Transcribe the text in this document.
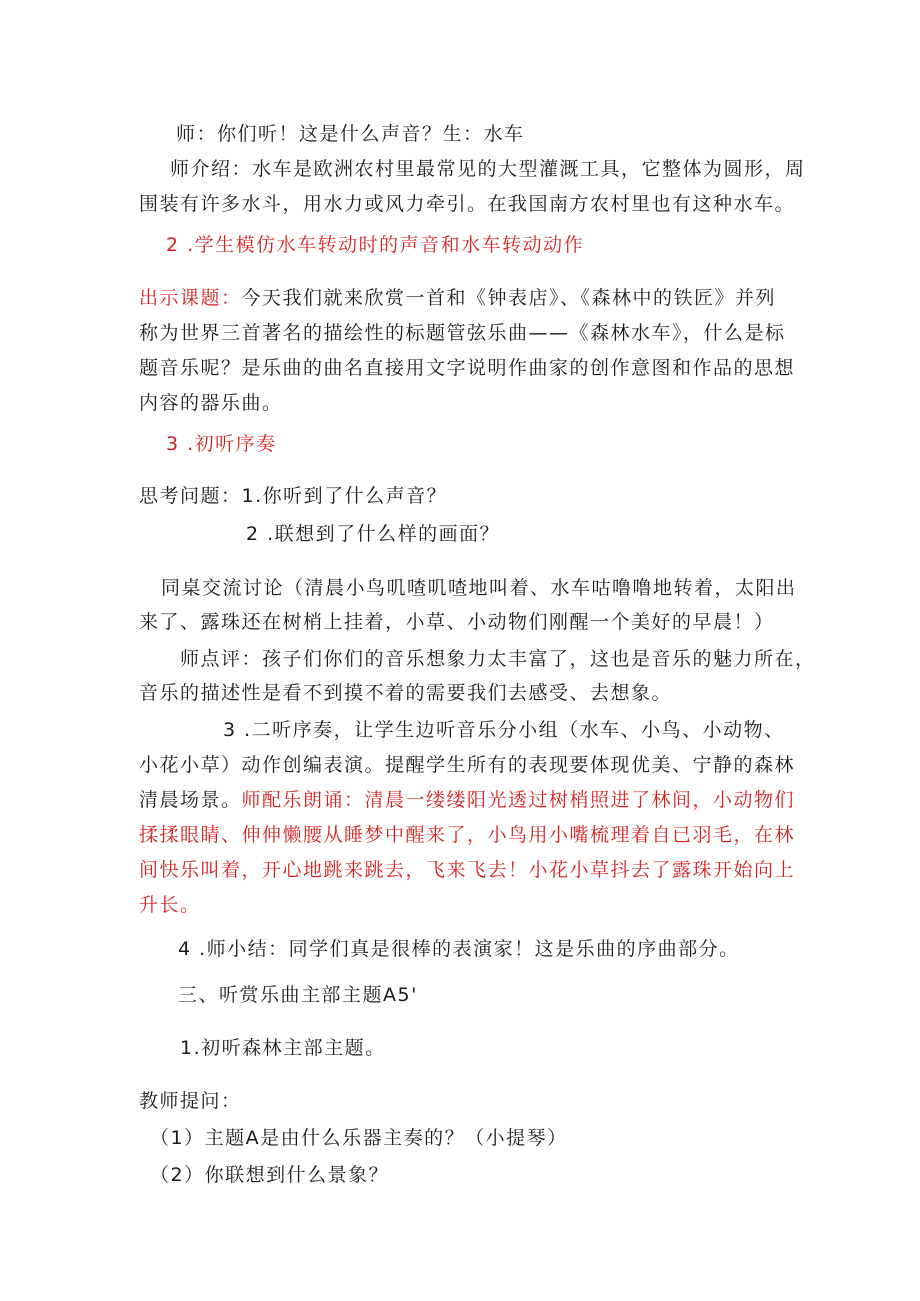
师：你们听！这是什么声音？生：水车
师介绍：水车是欧洲农村里最常见的大型灌溉工具，它整体为圆形，周
围装有许多水斗，用水力或风力牵引。在我国南方农村里也有这种水车。
2 .学生模仿水车转动时的声音和水车转动动作
出示课题：今天我们就来欣赏一首和《钟表店》、《森林中的铁匠》并列
称为世界三首著名的描绘性的标题管弦乐曲——《森林水车》，什么是标
题音乐呢？是乐曲的曲名直接用文字说明作曲家的创作意图和作品的思想
内容的器乐曲。
3 .初听序奏
思考问题：1.你听到了什么声音？
2 .联想到了什么样的画面？
同桌交流讨论（清晨小鸟叽喳叽喳地叫着、水车咕噜噜地转着，太阳出
来了、露珠还在树梢上挂着，小草、小动物们刚醒一个美好的早晨！）
师点评：孩子们你们的音乐想象力太丰富了，这也是音乐的魅力所在，
音乐的描述性是看不到摸不着的需要我们去感受、去想象。
3 .二听序奏，让学生边听音乐分小组（水车、小鸟、小动物、
小花小草）动作创编表演。提醒学生所有的表现要体现优美、宁静的森林
清晨场景。师配乐朗诵：清晨一缕缕阳光透过树梢照进了林间，小动物们
揉揉眼睛、伸伸懒腰从睡梦中醒来了，小鸟用小嘴梳理着自已羽毛，在林
间快乐叫着，开心地跳来跳去，飞来飞去！小花小草抖去了露珠开始向上
升长。
4 .师小结：同学们真是很棒的表演家！这是乐曲的序曲部分。
三、听赏乐曲主部主题A5'
1.初听森林主部主题。
教师提问：
（1）主题A是由什么乐器主奏的？（小提琴）
（2）你联想到什么景象？
